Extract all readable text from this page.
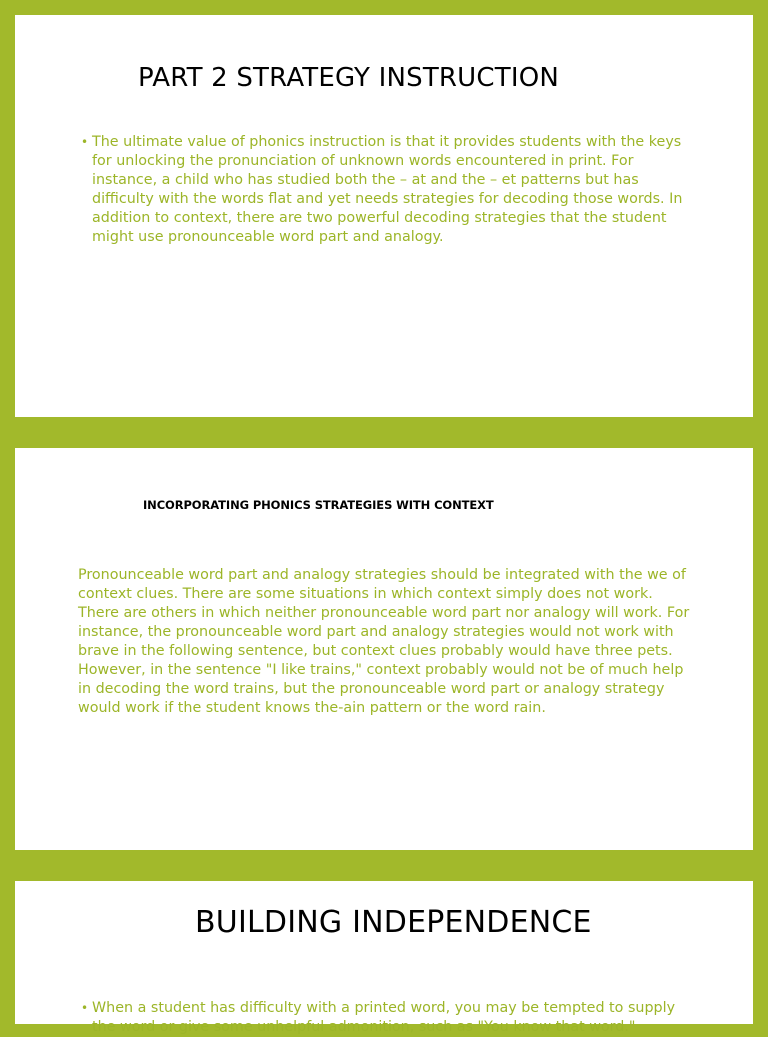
PART 2 STRATEGY INSTRUCTION
• The ultimate value of phonics instruction is that it provides students with the keys for unlocking the pronunciation of unknown words encountered in print. For instance, a child who has studied both the – at and the – et patterns but has difficulty with the words flat and yet needs strategies for decoding those words. In addition to context, there are two powerful decoding strategies that the student might use pronounceable word part and analogy.
INCORPORATING PHONICS STRATEGIES WITH CONTEXT

Pronounceable word part and analogy strategies should be integrated with the we of context clues. There are some situations in which context simply does not work. There are others in which neither pronounceable word part nor analogy will work. For instance, the pronounceable word part and analogy strategies would not work with brave in the following sentence, but context clues probably would have three pets. However, in the sentence "I like trains," context probably would not be of much help in decoding the word trains, but the pronounceable word part or analogy strategy would work if the student knows the-ain pattern or the word rain.

BUILDING INDEPENDENCE
• When a student has difficulty with a printed word, you may be tempted to supply the word or give some unhelpful admonition, such as "You know that word."
